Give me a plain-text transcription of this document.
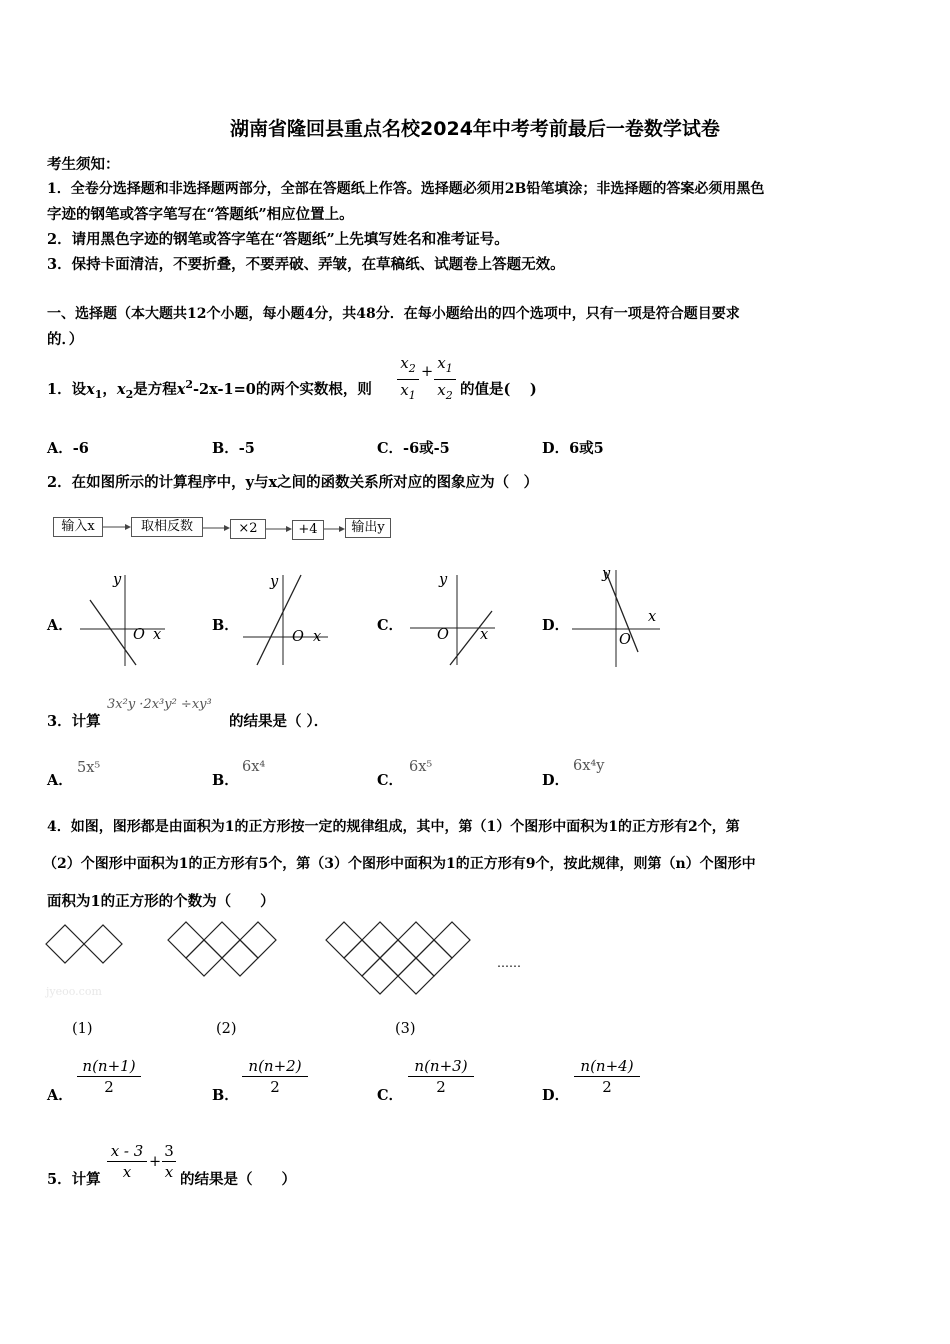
湖南省隆回县重点名校2024年中考考前最后一卷数学试卷
考生须知：
1．全卷分选择题和非选择题两部分，全部在答题纸上作答。选择题必须用2B铅笔填涂；非选择题的答案必须用黑色
字迹的钢笔或答字笔写在“答题纸”相应位置上。
2．请用黑色字迹的钢笔或答字笔在“答题纸”上先填写姓名和准考证号。
3．保持卡面清洁，不要折叠，不要弄破、弄皱，在草稿纸、试题卷上答题无效。
一、选择题（本大题共12个小题，每小题4分，共48分．在每小题给出的四个选项中，只有一项是符合题目要求
的．）
1．设$x_1$，$x_2$是方程$x^2-2x-1=0$的两个实数根，则
$x_2$
$x_1$
+ $x_1$
$x_2$ 的值是(　 )
A．-6	B．-5	C．-6或-5	D．6或5
2．在如图所示的计算程序中，y与x之间的函数关系所对应的图象应为（　）
输入x	取相反数	×2	+4	输出y
A．	B．	C．	D．
y
O x
y
O x
y
O x
y
O
x
3．计算
3x²y ·2x³y² ÷xy³
的结果是（ ）．
A．
5x⁵
B．
6x⁴
C．
6x⁵
D．
6x⁴y
4．如图，图形都是由面积为1的正方形按一定的规律组成，其中，第（1）个图形中面积为1的正方形有2个，第
（2）个图形中面积为1的正方形有5个，第（3）个图形中面积为1的正方形有9个，按此规律，则第（n）个图形中
面积为1的正方形的个数为（　　）
……
jyeoo.com
(1)	(2)	(3)
A．
n(n+1)
2	B．
n(n+2)
2	C．
n(n+3)
2	D．
n(n+4)
2
5．计算
x - 3
x
+
3
x 的结果是（　　）
